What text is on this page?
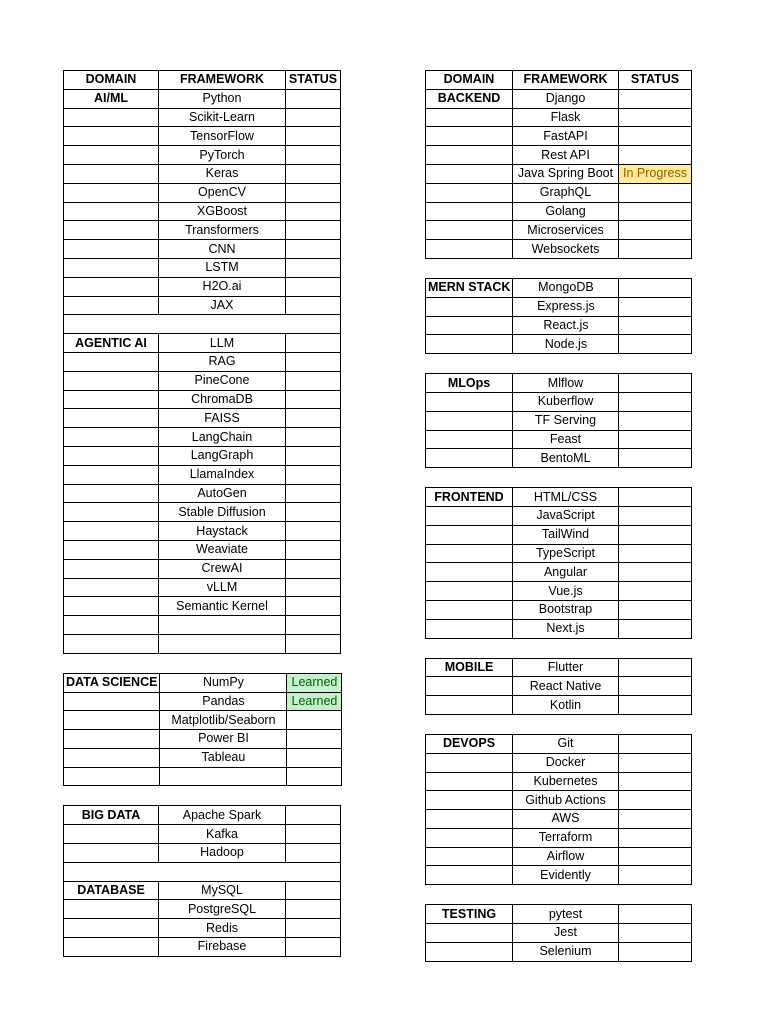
DOMAIN	FRAMEWORK	STATUS
AI/ML	Python	
	Scikit-Learn	
	TensorFlow	
	PyTorch	
	Keras	
	OpenCV	
	XGBoost	
	Transformers	
	CNN	
	LSTM	
	H2O.ai	
	JAX	

AGENTIC AI	LLM	
	RAG	
	PineCone	
	ChromaDB	
	FAISS	
	LangChain	
	LangGraph	
	LlamaIndex	
	AutoGen	
	Stable Diffusion	
	Haystack	
	Weaviate	
	CrewAI	
	vLLM	
	Semantic Kernel	

DATA SCIENCE	NumPy	Learned
	Pandas	Learned
	Matplotlib/Seaborn	
	Power BI	
	Tableau	

BIG DATA	Apache Spark	
	Kafka	
	Hadoop	

DATABASE	MySQL	
	PostgreSQL	
	Redis	
	Firebase	
DOMAIN	FRAMEWORK	STATUS
BACKEND	Django	
	Flask	
	FastAPI	
	Rest API	
	Java Spring Boot	In Progress
	GraphQL	
	Golang	
	Microservices	
	Websockets	
MERN STACK	MongoDB	
	Express.js	
	React.js	
	Node.js	
MLOps	Mlflow	
	Kuberflow	
	TF Serving	
	Feast	
	BentoML	
FRONTEND	HTML/CSS	
	JavaScript	
	TailWind	
	TypeScript	
	Angular	
	Vue.js	
	Bootstrap	
	Next.js	
MOBILE	Flutter	
	React Native	
	Kotlin	
DEVOPS	Git	
	Docker	
	Kubernetes	
	Github Actions	
	AWS	
	Terraform	
	Airflow	
	Evidently	
TESTING	pytest	
	Jest	
	Selenium	
